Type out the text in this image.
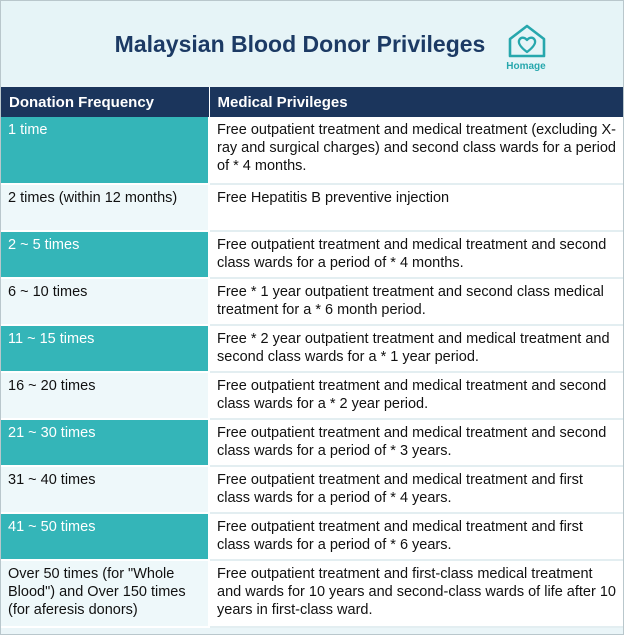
Malaysian Blood Donor Privileges
Homage
Donation Frequency	Medical Privileges
1 time	Free outpatient treatment and medical treatment (excluding X-ray and surgical charges) and second class wards for a period of * 4 months.
2 times (within 12 months)	Free Hepatitis B preventive injection
2 ~ 5 times	Free outpatient treatment and medical treatment and second class wards for a period of * 4 months.
6 ~ 10 times	Free * 1 year outpatient treatment and second class medical treatment for a * 6 month period.
11 ~ 15 times	Free * 2 year outpatient treatment and medical treatment and second class wards for a * 1 year period.
16 ~ 20 times	Free outpatient treatment and medical treatment and second class wards for a * 2 year period.
21 ~ 30 times	Free outpatient treatment and medical treatment and second class wards for a period of * 3 years.
31 ~ 40 times	Free outpatient treatment and medical treatment and first class wards for a period of * 4 years.
41 ~ 50 times	Free outpatient treatment and medical treatment and first class wards for a period of * 6 years.
Over 50 times (for "Whole Blood") and Over 150 times (for aferesis donors)	Free outpatient treatment and first-class medical treatment and wards for 10 years and second-class wards of life after 10 years in first-class ward.
